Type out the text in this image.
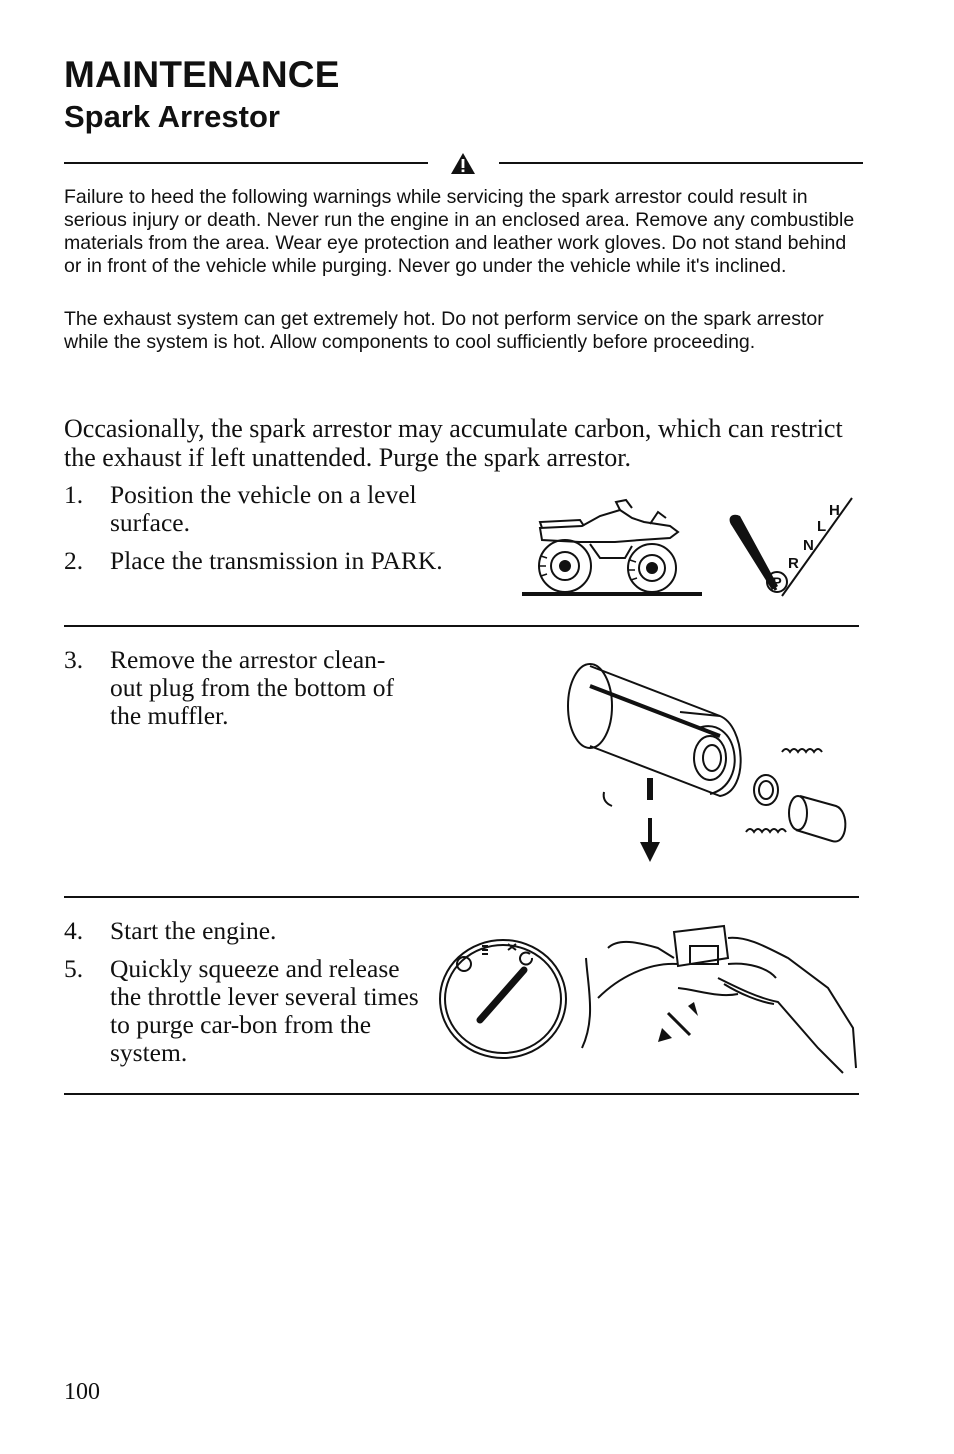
MAINTENANCE
Spark Arrestor

Failure to heed the following warnings while servicing the spark arrestor could result in serious injury or death. Never run the engine in an enclosed area. Remove any combustible materials from the area. Wear eye protection and leather work gloves. Do not stand behind or in front of the vehicle while purging. Never go under the vehicle while it's inclined.

The exhaust system can get extremely hot. Do not perform service on the spark arrestor while the system is hot. Allow components to cool sufficiently before proceeding.

Occasionally, the spark arrestor may accumulate carbon, which can restrict the exhaust if left unattended. Purge the spark arrestor.

1.	Position the vehicle on a level surface.
2.	Place the transmission in PARK.
H
L
N
R
P
3.	Remove the arrestor clean-out plug from the bottom of the muffler.
4.	Start the engine.
5.	Quickly squeeze and release the throttle lever several times to purge car-bon from the system.

100
